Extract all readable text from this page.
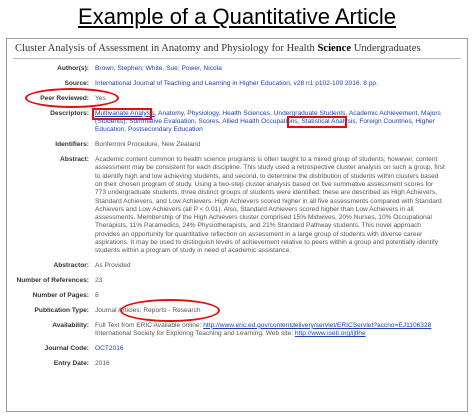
Example of a Quantitative Article
Cluster Analysis of Assessment in Anatomy and Physiology for Health Science Undergraduates
Author(s): Brown, Stephen; White, Sue; Power, Nicola
Source: International Journal of Teaching and Learning in Higher Education, v28 n1 p102-109 2016. 8 pp.
Peer Reviewed: Yes
Descriptors: Multivariate Analysis, Anatomy, Physiology, Health Sciences, Undergraduate Students, Academic Achievement, Majors (Students), Summative Evaluation, Scores, Allied Health Occupations, Statistical Analysis, Foreign Countries, Higher Education, Postsecondary Education
Identifiers: Bonferroni Procedure, New Zealand
Abstract: Academic content common to health science programs is often taught to a mixed group of students; however, content assessment may be consistent for each discipline. This study used a retrospective cluster analysis on such a group, first to identify high and low achieving students, and second, to determine the distribution of students within clusters based on their chosen program of study. Using a two-step cluster analysis based on five summative assessment scores for 773 undergraduate students, three distinct groups of students were identified: these are described as High Achievers, Standard Achievers, and Low Achievers. High Achievers scored higher in all five assessments compared with Standard Achievers and Low Achievers (all P < 0.01). Also, Standard Achievers scored higher than Low Achievers in all assessments. Membership of the High Achievers cluster comprised 15% Midwives, 20% Nurses, 10% Occupational Therapists, 11% Paramedics, 24% Physiotherapists, and 21% Standard Pathway students. This novel approach provides an opportunity for quantitative reflection on assessment in a large group of students with diverse career aspirations. It may be used to distinguish levels of achievement relative to peers within a group and potentially identify students within a program of study in need of academic assistance.
Abstractor: As Provided
Number of References: 23
Number of Pages: 8
Publication Type: Journal Articles; Reports - Research
Availability: Full Text from ERIC Available online: http://www.eric.ed.gov/contentdelivery/servlet/ERICServlet?accno=EJ1106328
International Society for Exploring Teaching and Learning. Web site: http://www.isetl.org/ijtlhe
Journal Code: OCT2016
Entry Date: 2016
